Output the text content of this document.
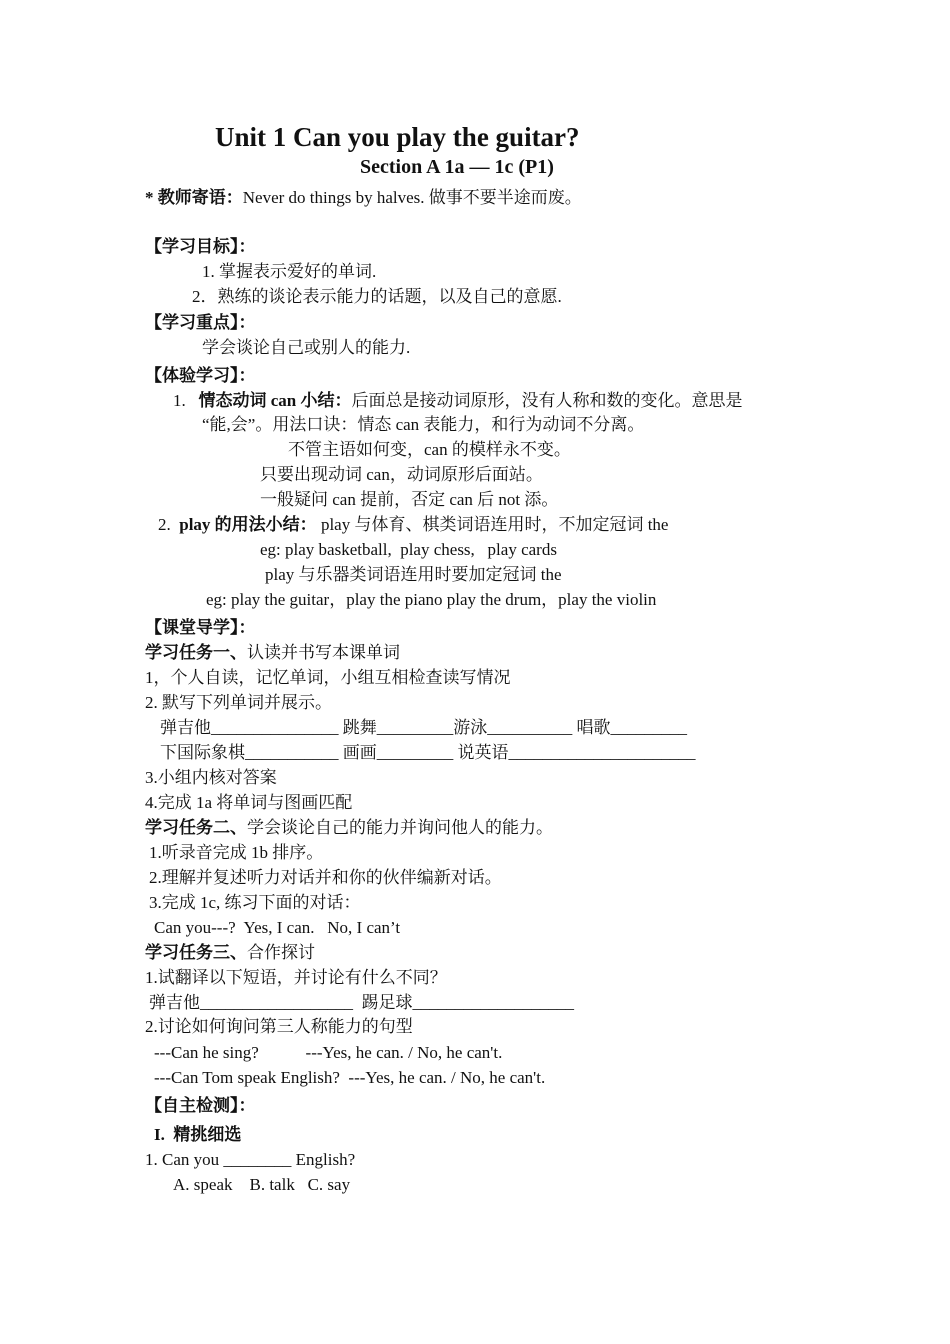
Unit 1 Can you play the guitar?
Section A 1a — 1c (P1)
* 教师寄语：Never do things by halves. 做事不要半途而废。
【学习目标】：
1. 掌握表示爱好的单词.
2．熟练的谈论表示能力的话题，以及自己的意愿.
【学习重点】：
学会谈论自己或别人的能力.
【体验学习】：
1. 情态动词 can 小结：后面总是接动词原形，没有人称和数的变化。意思是
“能,会”。用法口诀：情态 can 表能力，和行为动词不分离。
不管主语如何变，can 的模样永不变。
只要出现动词 can，动词原形后面站。
一般疑问 can 提前，否定 can 后 not 添。
2. play 的用法小结： play 与体育、棋类词语连用时，不加定冠词 the
eg: play basketball,  play chess,   play cards
play 与乐器类词语连用时要加定冠词 the
eg: play the guitar，play the piano play the drum，play the violin
【课堂导学】：
学习任务一、认读并书写本课单词
1，个人自读，记忆单词，小组互相检查读写情况
2. 默写下列单词并展示。
弹吉他_______________ 跳舞_________游泳__________ 唱歌_________
下国际象棋___________ 画画_________ 说英语______________________
3.小组内核对答案
4.完成 1a 将单词与图画匹配
学习任务二、学会谈论自己的能力并询问他人的能力。
1.听录音完成 1b 排序。
2.理解并复述听力对话并和你的伙伴编新对话。
3.完成 1c, 练习下面的对话：
Can you---?  Yes, I can.   No, I can’t
学习任务三、合作探讨
1.试翻译以下短语，并讨论有什么不同？
弹吉他__________________  踢足球___________________
2.讨论如何询问第三人称能力的句型
---Can he sing?           ---Yes, he can. / No, he can't.
---Can Tom speak English?  ---Yes, he can. / No, he can't.
【自主检测】：
I.  精挑细选
1. Can you ________ English?
A. speak    B. talk   C. say
